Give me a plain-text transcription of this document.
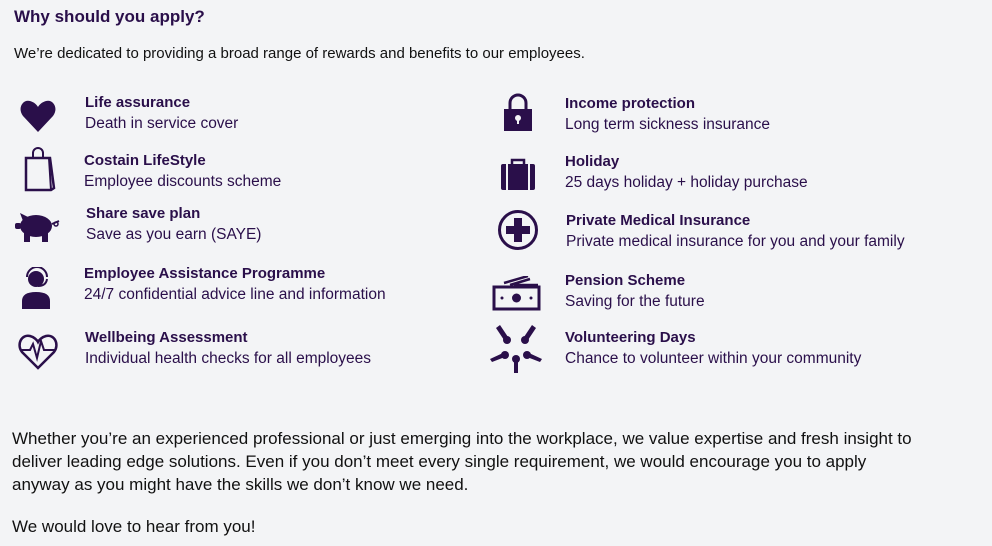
Why should you apply?
We’re dedicated to providing a broad range of rewards and benefits to our employees.
Life assurance
Death in service cover
Costain LifeStyle
Employee discounts scheme
Share save plan
Save as you earn (SAYE)
Employee Assistance Programme
24/7 confidential advice line and information
Wellbeing Assessment
Individual health checks for all employees
Income protection
Long term sickness insurance
Holiday
25 days holiday + holiday purchase
Private Medical Insurance
Private medical insurance for you and your family
Pension Scheme
Saving for the future
Volunteering Days
Chance to volunteer within your community
Whether you’re an experienced professional or just emerging into the workplace, we value expertise and fresh insight to deliver leading edge solutions. Even if you don’t meet every single requirement, we would encourage you to apply anyway as you might have the skills we don’t know we need.
We would love to hear from you!
